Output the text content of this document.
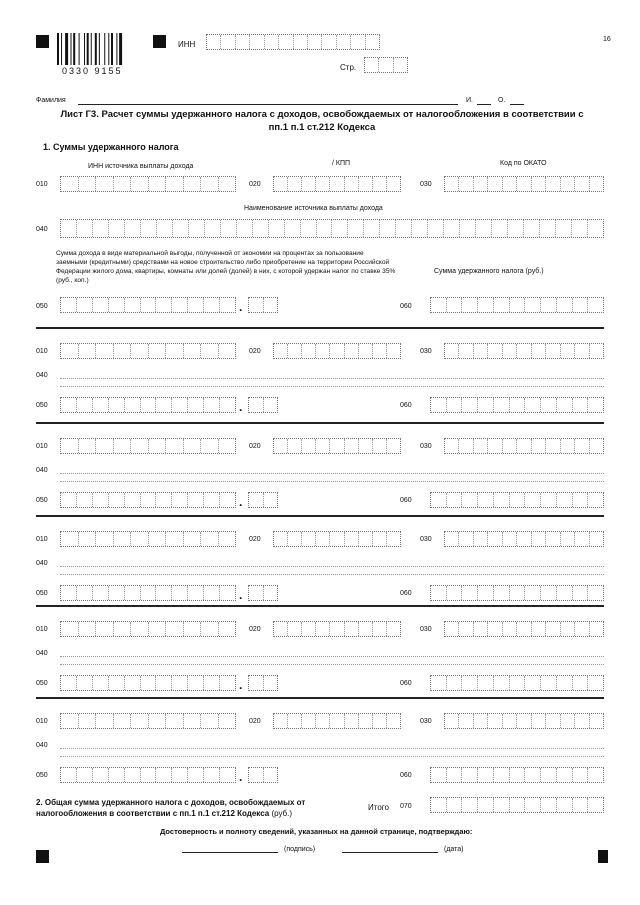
0330 9155
ИНН
16
Стр.
Фамилия	И.	О.
Лист Г3. Расчет суммы удержанного налога с доходов, освобождаемых от налогообложения в соответствии с
пп.1 п.1 ст.212 Кодекса
1. Суммы удержанного налога
ИНН источника выплаты дохода	/ КПП	Код по ОКАТО
010	020	030
Наименование источника выплаты дохода
040
Сумма дохода в виде материальной выгоды, полученной от экономии на процентах за пользование заемными (кредитными) средствами на новое строительство либо приобретение на территории Российской Федерации жилого дома, квартиры, комнаты или долей (долей) в них, с которой удержан налог по ставке 35% (руб., коп.)
Сумма удержанного налога (руб.)
050	.	060
010	020	030
040
050	.	060
010	020	030
040
050	.	060
010	020	030
040
050	.	060
010	020	030
040
050	.	060
010	020	030
040
050	.	060
2. Общая сумма удержанного налога с доходов, освобождаемых от
налогообложения в соответствии с пп.1 п.1 ст.212 Кодекса (руб.)
Итого 070
Достоверность и полноту сведений, указанных на данной странице, подтверждаю:
(подпись)	(дата)
